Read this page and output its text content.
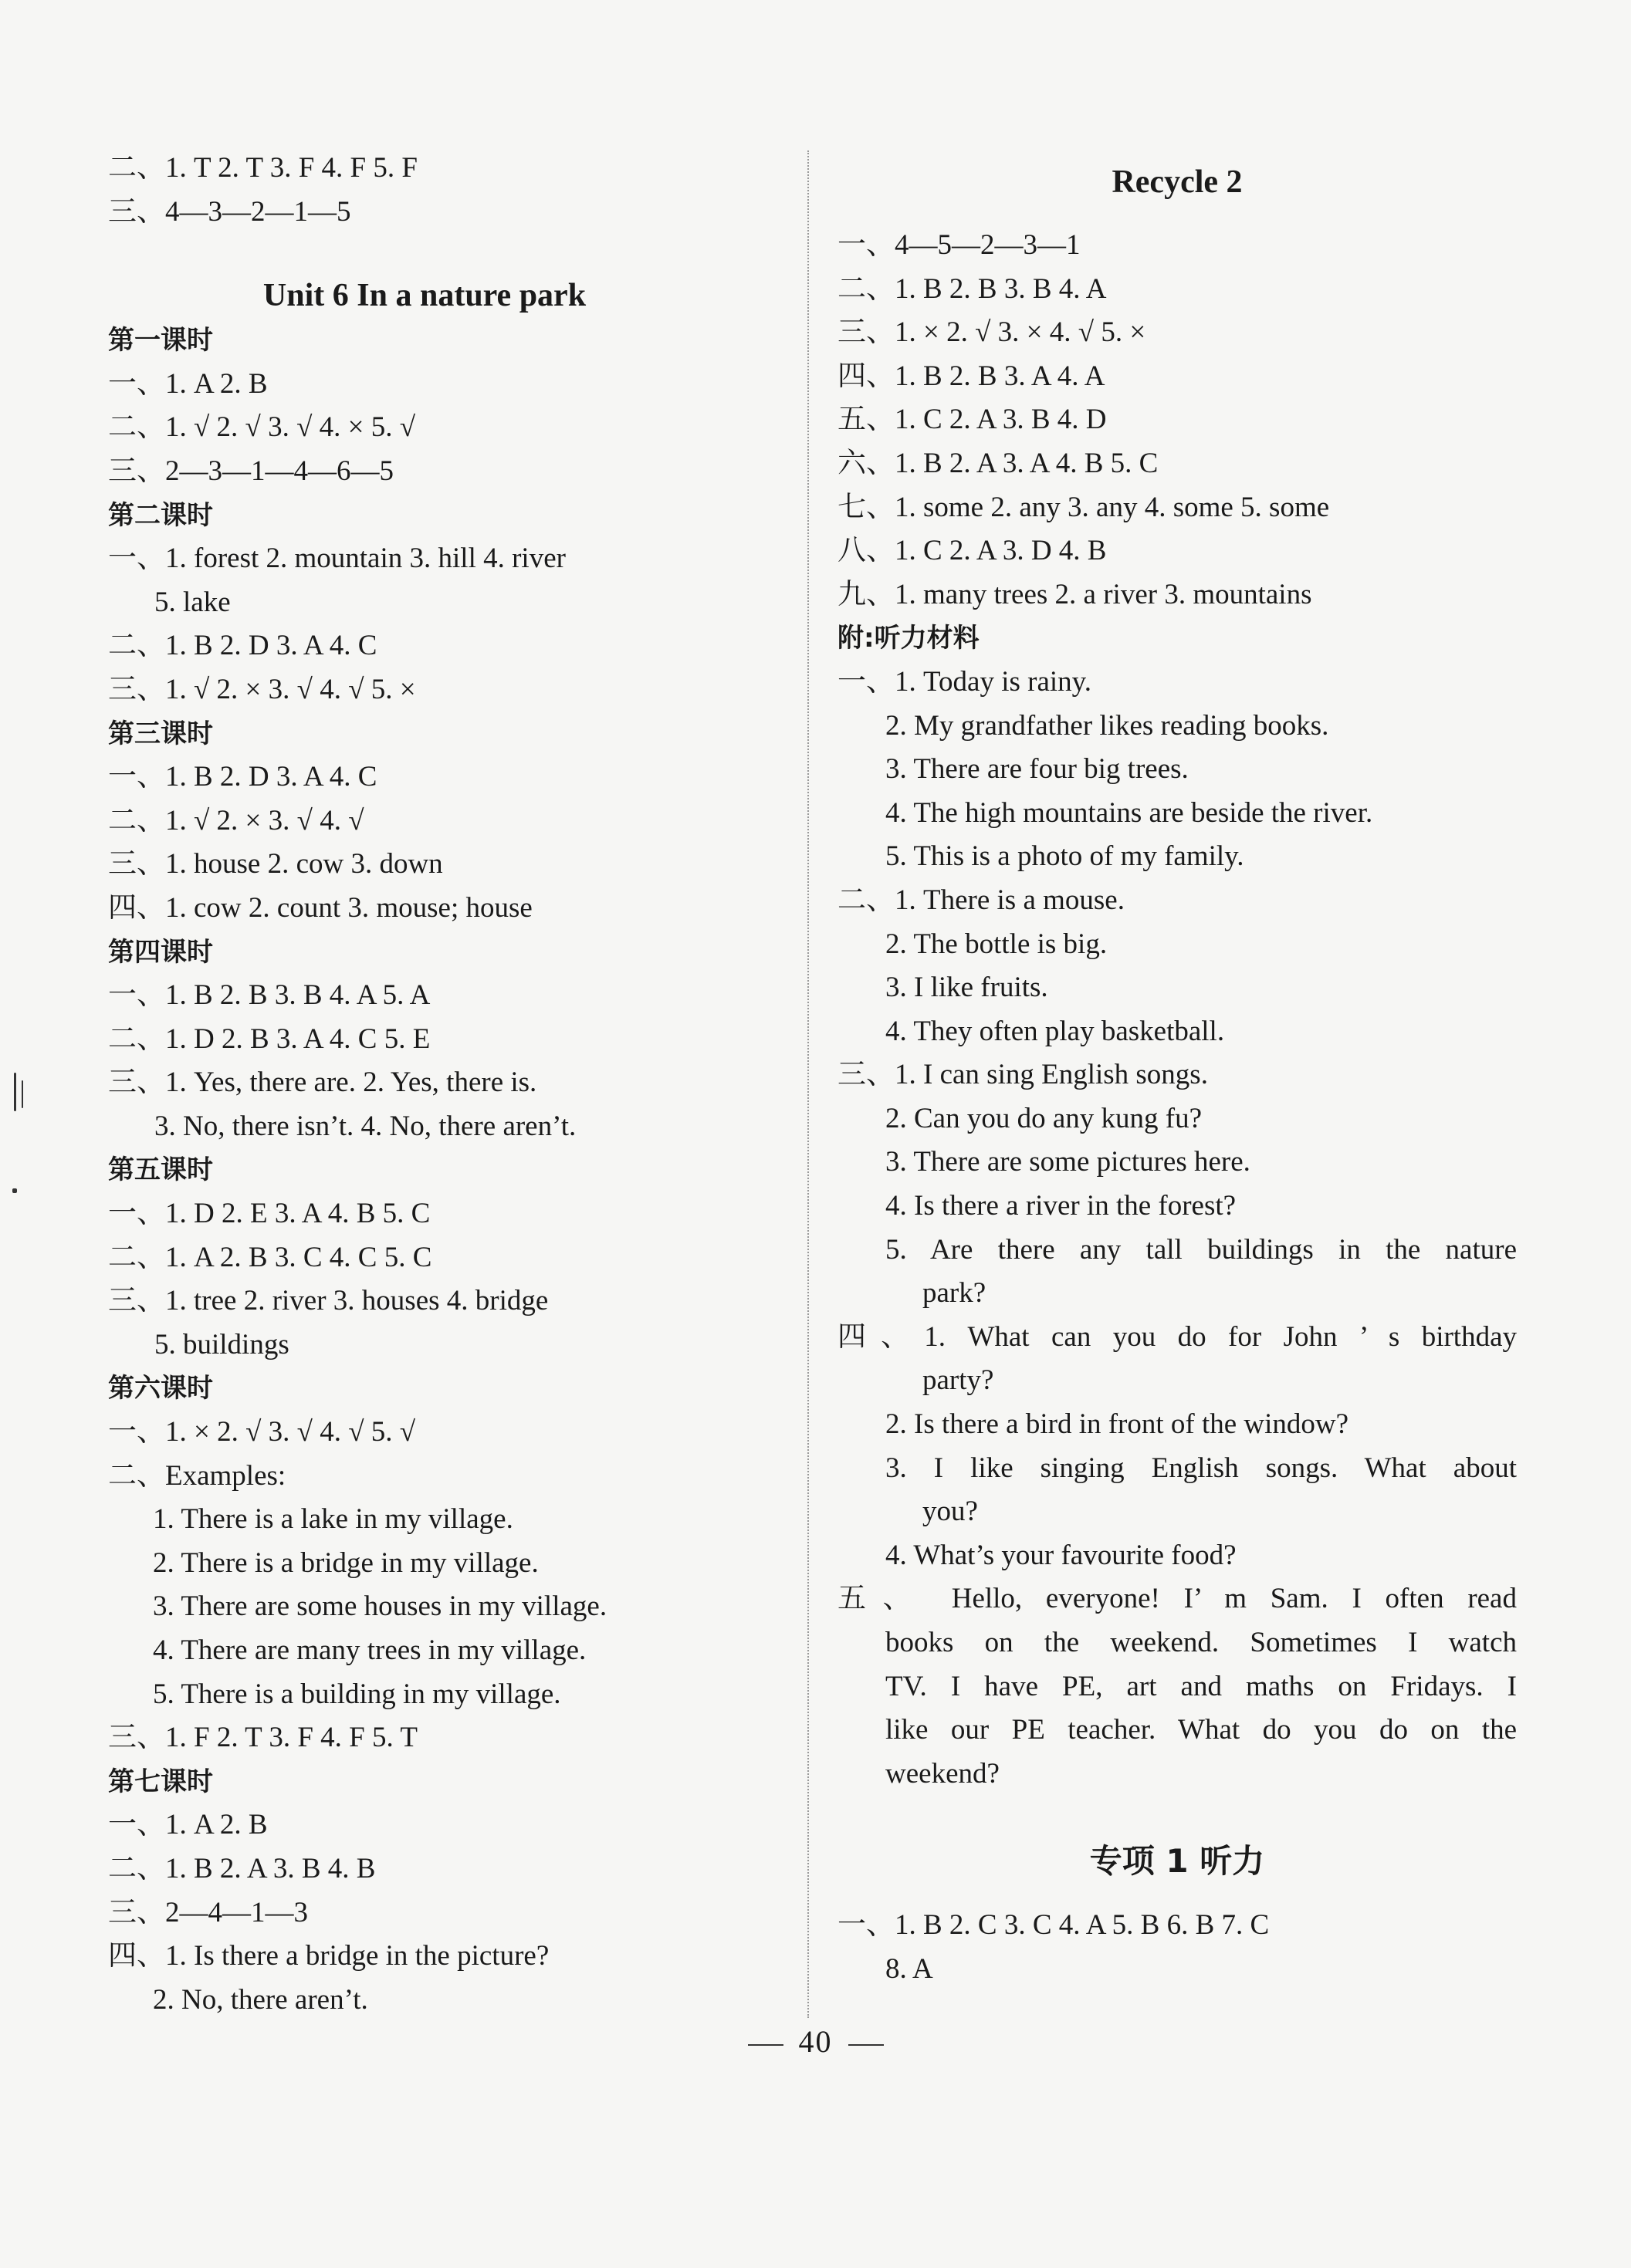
二、1. T 2. T 3. F 4. F 5. F
三、4—3—2—1—5
Unit 6 In a nature park
第一课时
一、1. A 2. B
二、1. √ 2. √ 3. √ 4. × 5. √
三、2—3—1—4—6—5
第二课时
一、1. forest 2. mountain 3. hill 4. river
5. lake
二、1. B 2. D 3. A 4. C
三、1. √ 2. × 3. √ 4. √ 5. ×
第三课时
一、1. B 2. D 3. A 4. C
二、1. √ 2. × 3. √ 4. √
三、1. house 2. cow 3. down
四、1. cow 2. count 3. mouse; house
第四课时
一、1. B 2. B 3. B 4. A 5. A
二、1. D 2. B 3. A 4. C 5. E
三、1. Yes, there are. 2. Yes, there is.
3. No, there isn’t. 4. No, there aren’t.
第五课时
一、1. D 2. E 3. A 4. B 5. C
二、1. A 2. B 3. C 4. C 5. C
三、1. tree 2. river 3. houses 4. bridge
5. buildings
第六课时
一、1. × 2. √ 3. √ 4. √ 5. √
二、Examples:
1. There is a lake in my village.
2. There is a bridge in my village.
3. There are some houses in my village.
4. There are many trees in my village.
5. There is a building in my village.
三、1. F 2. T 3. F 4. F 5. T
第七课时
一、1. A 2. B
二、1. B 2. A 3. B 4. B
三、2—4—1—3
四、1. Is there a bridge in the picture?
2. No, there aren’t.
Recycle 2
一、4—5—2—3—1
二、1. B 2. B 3. B 4. A
三、1. × 2. √ 3. × 4. √ 5. ×
四、1. B 2. B 3. A 4. A
五、1. C 2. A 3. B 4. D
六、1. B 2. A 3. A 4. B 5. C
七、1. some 2. any 3. any 4. some 5. some
八、1. C 2. A 3. D 4. B
九、1. many trees 2. a river 3. mountains
附:听力材料
一、1. Today is rainy.
2. My grandfather likes reading books.
3. There are four big trees.
4. The high mountains are beside the river.
5. This is a photo of my family.
二、1. There is a mouse.
2. The bottle is big.
3. I like fruits.
4. They often play basketball.
三、1. I can sing English songs.
2. Can you do any kung fu?
3. There are some pictures here.
4. Is there a river in the forest?
5. Are there any tall buildings in the nature
park?
四、1. What can you do for John ’ s birthday
party?
2. Is there a bird in front of the window?
3. I like singing English songs. What about
you?
4. What’s your favourite food?
五、 Hello, everyone! I’ m Sam. I often read
books on the weekend. Sometimes I watch
TV. I have PE, art and maths on Fridays. I
like our PE teacher. What do you do on the
weekend?
专项 1 听力
一、1. B 2. C 3. C 4. A 5. B 6. B 7. C
8. A
40
